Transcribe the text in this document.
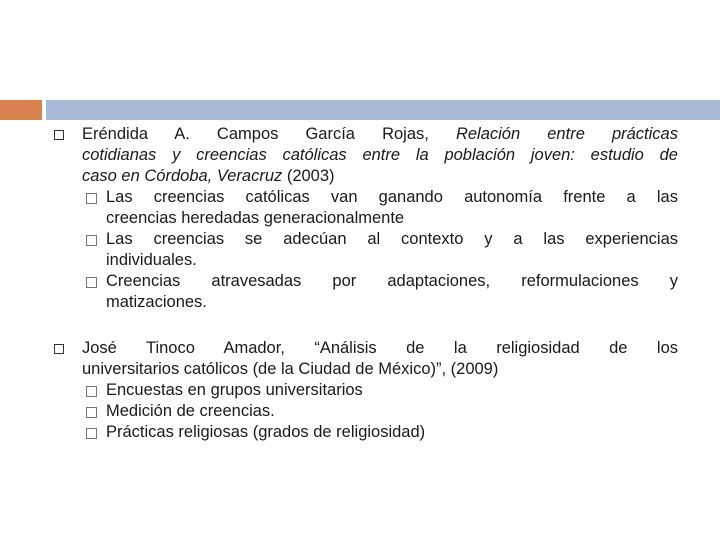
Eréndida A. Campos García Rojas, Relación entre prácticas
cotidianas y creencias católicas entre la población joven: estudio de
caso en Córdoba, Veracruz (2003)
Las creencias católicas van ganando autonomía frente a las
creencias heredadas generacionalmente
Las creencias se adecúan al contexto y a las experiencias
individuales.
Creencias atravesadas por adaptaciones, reformulaciones y
matizaciones.
José Tinoco Amador, “Análisis de la religiosidad de los
universitarios católicos (de la Ciudad de México)”, (2009)
Encuestas en grupos universitarios
Medición de creencias.
Prácticas religiosas (grados de religiosidad)
